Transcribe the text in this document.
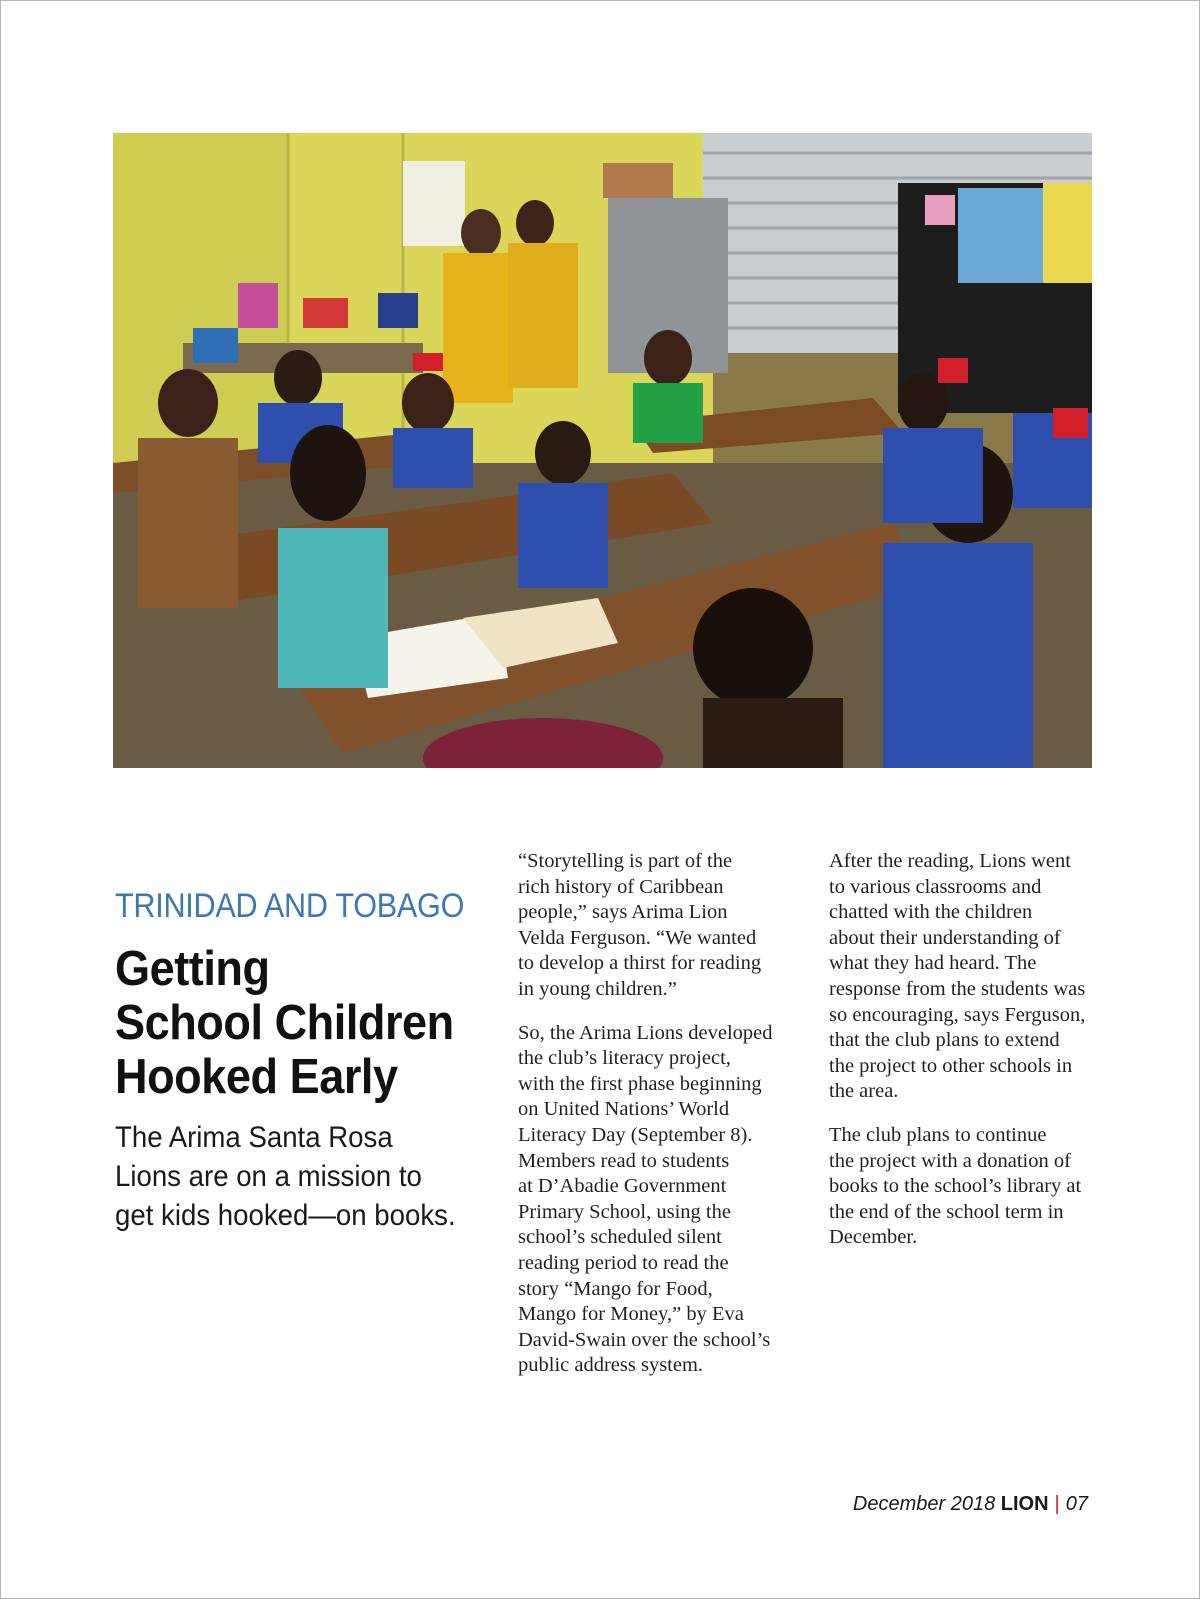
TRINIDAD AND TOBAGO
Getting
School Children
Hooked Early
The Arima Santa Rosa Lions are on a mission to get kids hooked—on books.

“Storytelling is part of the
rich history of Caribbean
people,” says Arima Lion
Velda Ferguson. “We wanted
to develop a thirst for reading
in young children.”

So, the Arima Lions developed
the club’s literacy project,
with the first phase beginning
on United Nations’ World
Literacy Day (September 8).
Members read to students
at D’Abadie Government
Primary School, using the
school’s scheduled silent
reading period to read the
story “Mango for Food,
Mango for Money,” by Eva
David-Swain over the school’s
public address system.

After the reading, Lions went
to various classrooms and
chatted with the children
about their understanding of
what they had heard. The
response from the students was
so encouraging, says Ferguson,
that the club plans to extend
the project to other schools in
the area.

The club plans to continue
the project with a donation of
books to the school’s library at
the end of the school term in
December.

December 2018 LION | 07
